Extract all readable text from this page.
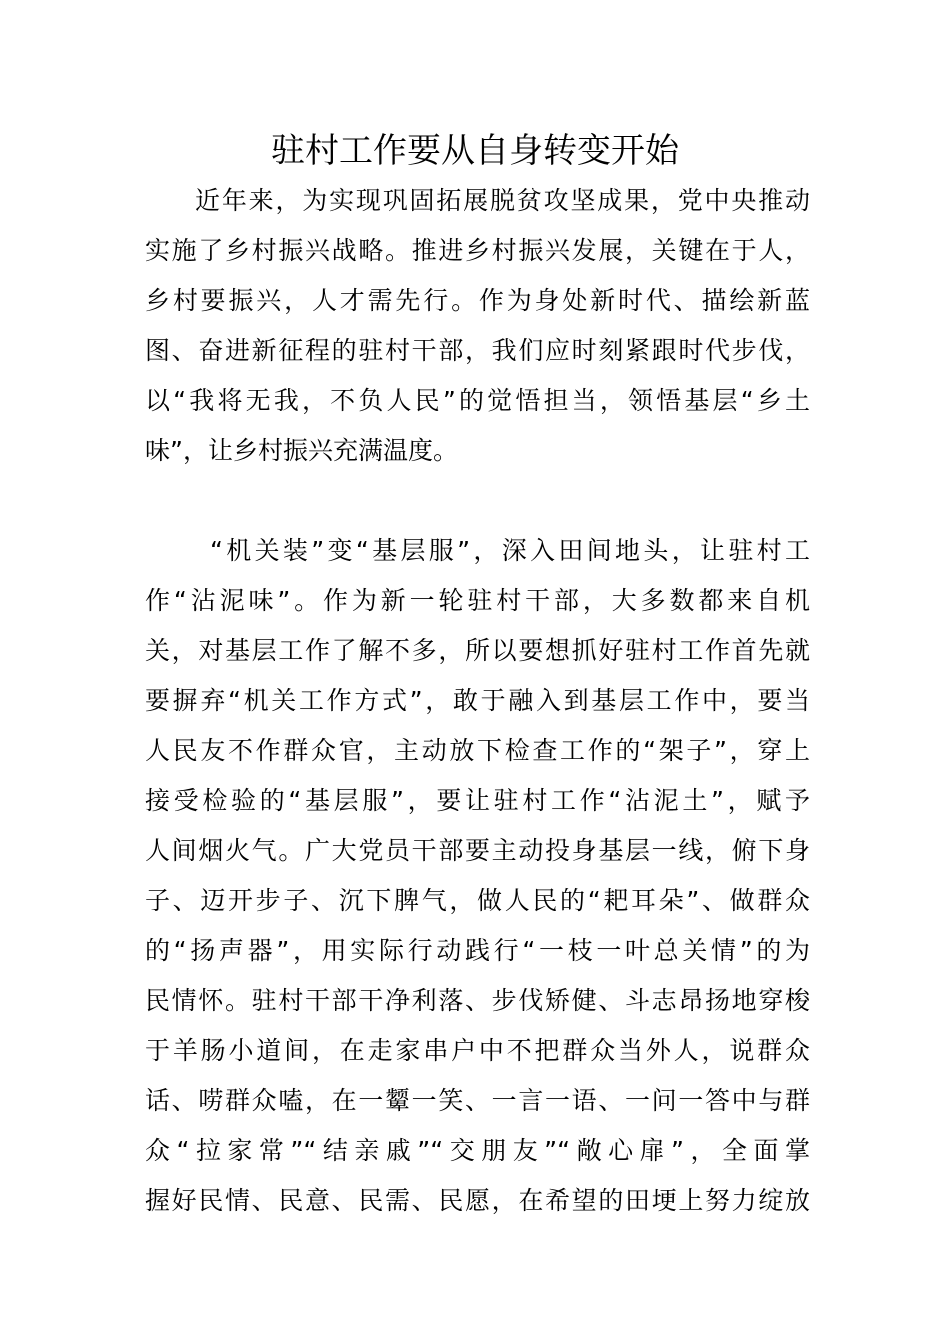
驻村工作要从自身转变开始
近年来，为实现巩固拓展脱贫攻坚成果，党中央推动
实施了乡村振兴战略。推进乡村振兴发展，关键在于人，
乡村要振兴，人才需先行。作为身处新时代、描绘新蓝
图、奋进新征程的驻村干部，我们应时刻紧跟时代步伐，
以“我将无我，不负人民”的觉悟担当，领悟基层“乡土
味”，让乡村振兴充满温度。
“机关装”变“基层服”，深入田间地头，让驻村工
作“沾泥味”。作为新一轮驻村干部，大多数都来自机
关，对基层工作了解不多，所以要想抓好驻村工作首先就
要摒弃“机关工作方式”，敢于融入到基层工作中，要当
人民友不作群众官，主动放下检查工作的“架子”，穿上
接受检验的“基层服”，要让驻村工作“沾泥土”，赋予
人间烟火气。广大党员干部要主动投身基层一线，俯下身
子、迈开步子、沉下脾气，做人民的“耙耳朵”、做群众
的“扬声器”，用实际行动践行“一枝一叶总关情”的为
民情怀。驻村干部干净利落、步伐矫健、斗志昂扬地穿梭
于羊肠小道间，在走家串户中不把群众当外人，说群众
话、唠群众嗑，在一颦一笑、一言一语、一问一答中与群
众“拉家常”“结亲戚”“交朋友”“敞心扉”，全面掌
握好民情、民意、民需、民愿，在希望的田埂上努力绽放
